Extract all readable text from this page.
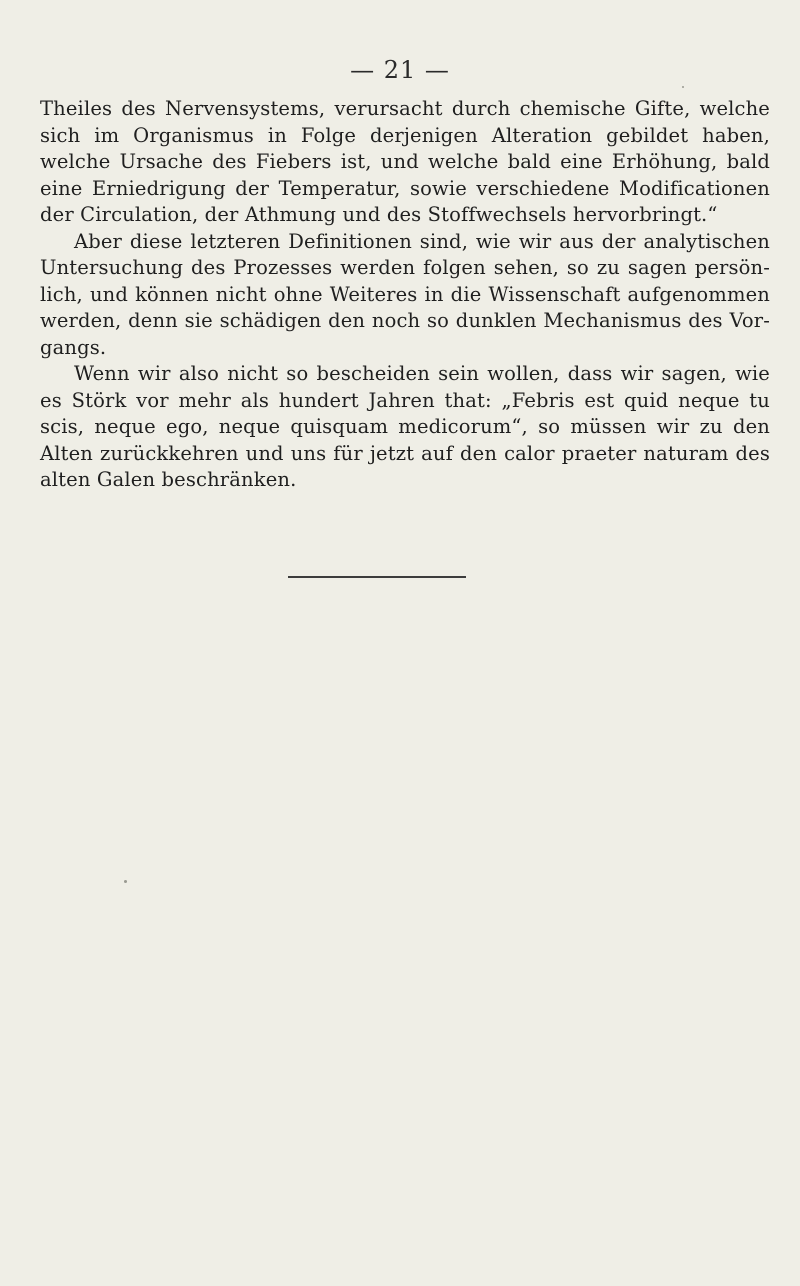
— 21 —
Theiles des Nervensystems, verursacht durch chemische Gifte, welche
sich im Organismus in Folge derjenigen Alteration gebildet haben,
welche Ursache des Fiebers ist, und welche bald eine Erhöhung, bald
eine Erniedrigung der Temperatur, sowie verschiedene Modificationen
der Circulation, der Athmung und des Stoffwechsels hervorbringt.“
Aber diese letzteren Definitionen sind, wie wir aus der analytischen
Untersuchung des Prozesses werden folgen sehen, so zu sagen persön-
lich, und können nicht ohne Weiteres in die Wissenschaft aufgenommen
werden, denn sie schädigen den noch so dunklen Mechanismus des Vor-
gangs.
Wenn wir also nicht so bescheiden sein wollen, dass wir sagen, wie
es Störk vor mehr als hundert Jahren that: „Febris est quid neque tu
scis, neque ego, neque quisquam medicorum“, so müssen wir zu den
Alten zurückkehren und uns für jetzt auf den calor praeter naturam des
alten Galen beschränken.
